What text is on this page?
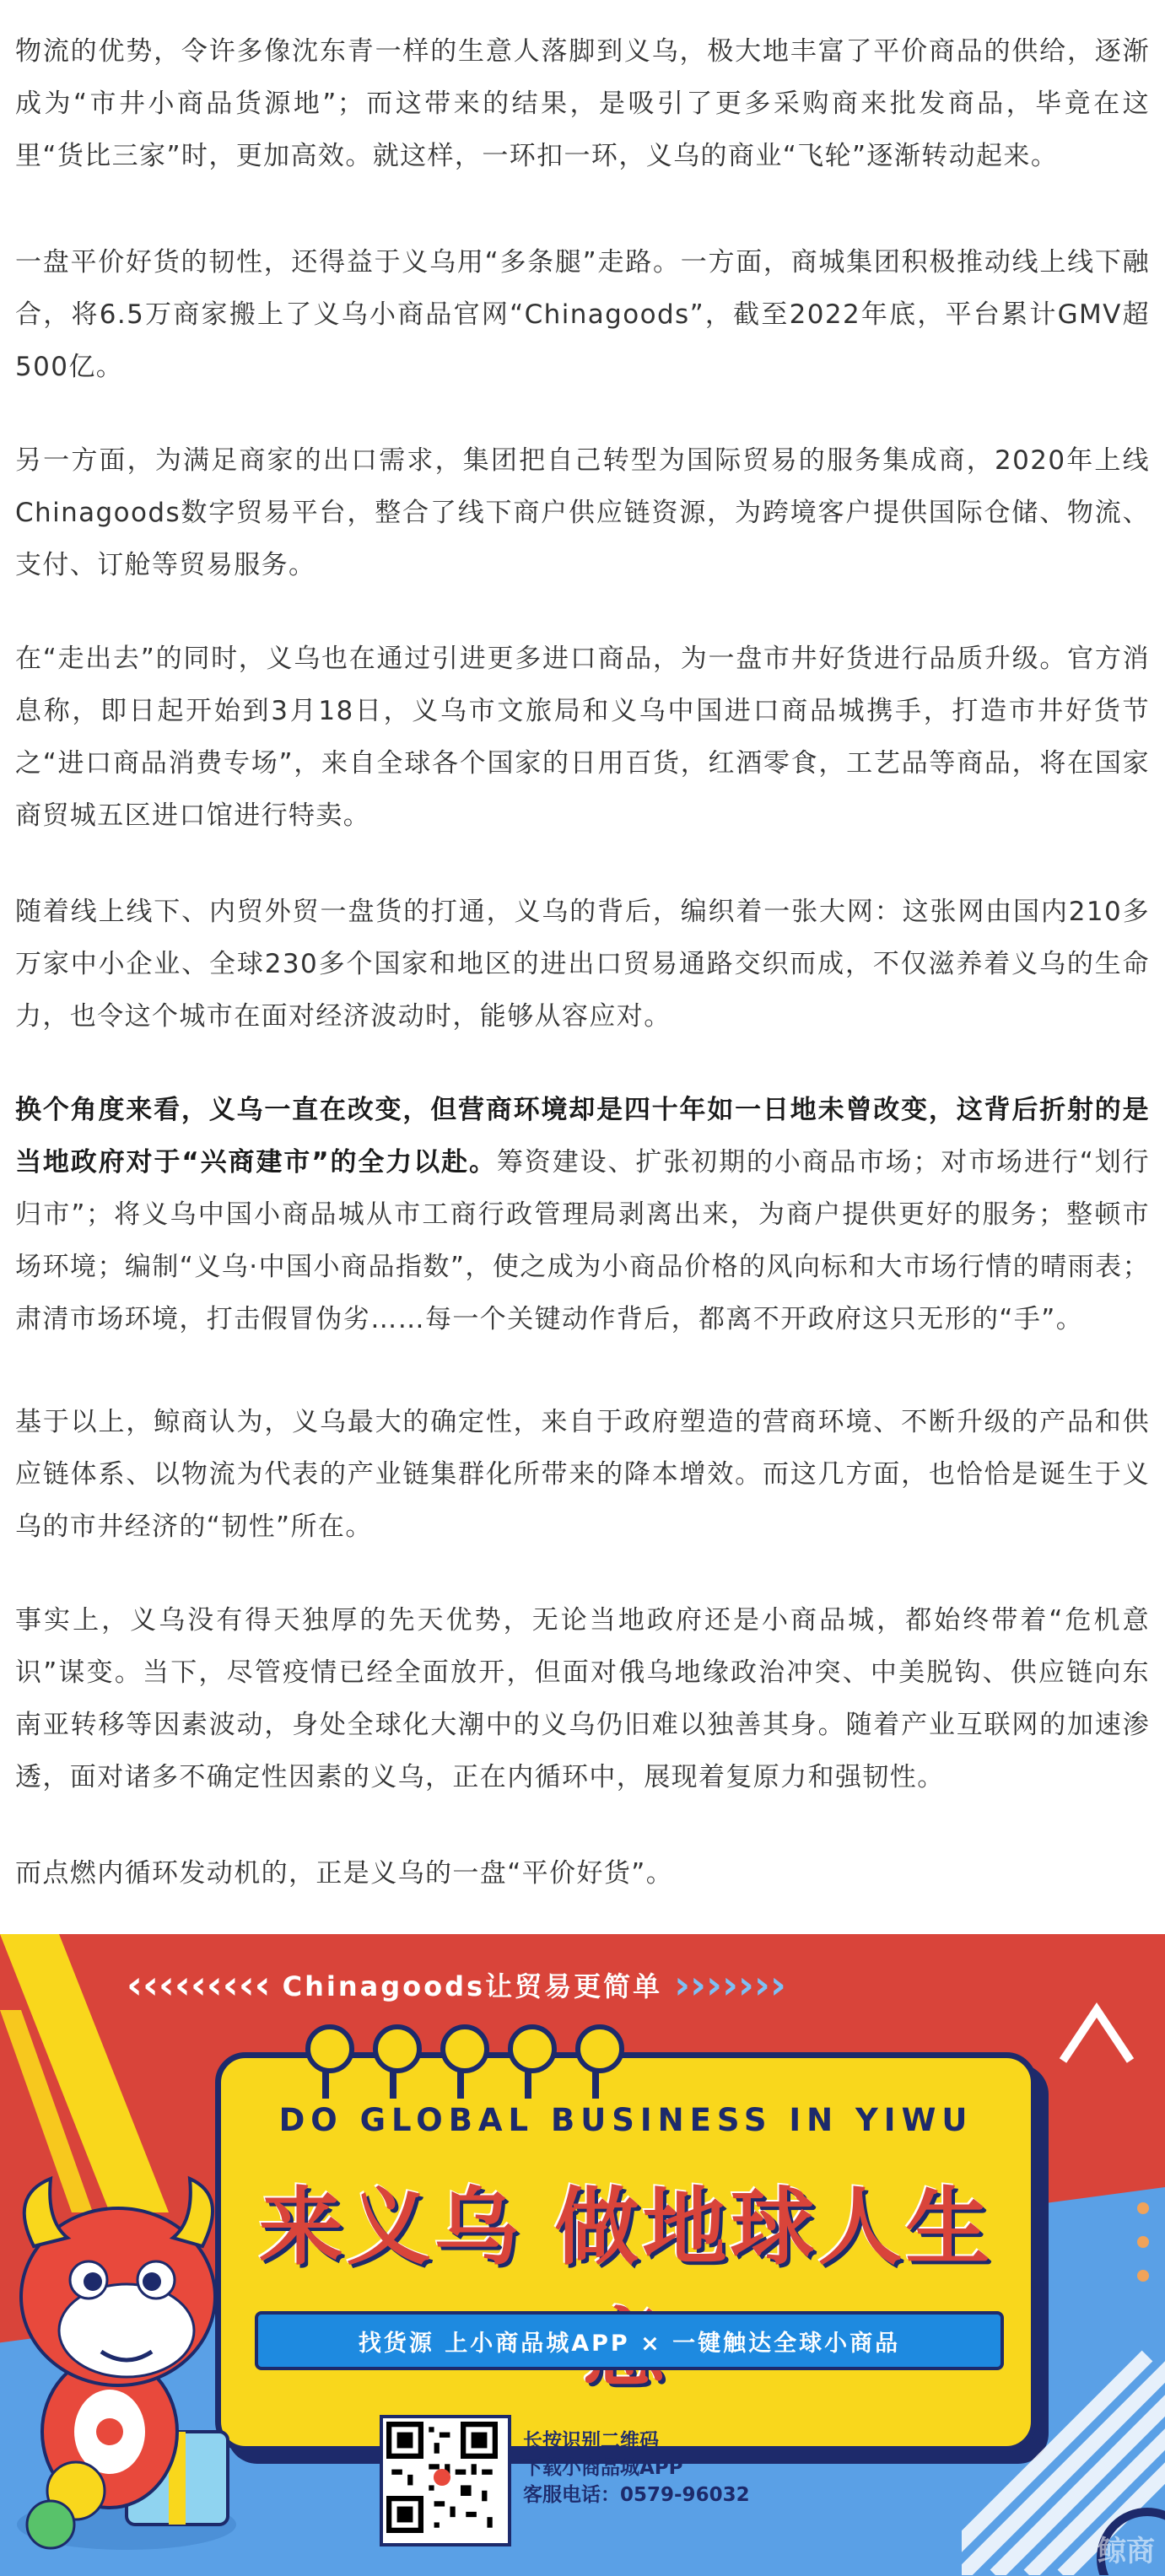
物流的优势，令许多像沈东青一样的生意人落脚到义乌，极大地丰富了平价商品的供给，逐渐成为“市井小商品货源地”；而这带来的结果，是吸引了更多采购商来批发商品，毕竟在这里“货比三家”时，更加高效。就这样，一环扣一环，义乌的商业“飞轮”逐渐转动起来。

一盘平价好货的韧性，还得益于义乌用“多条腿”走路。一方面，商城集团积极推动线上线下融合，将6.5万商家搬上了义乌小商品官网“Chinagoods”，截至2022年底，平台累计GMV超500亿。

另一方面，为满足商家的出口需求，集团把自己转型为国际贸易的服务集成商，2020年上线Chinagoods数字贸易平台，整合了线下商户供应链资源，为跨境客户提供国际仓储、物流、支付、订舱等贸易服务。

在“走出去”的同时，义乌也在通过引进更多进口商品，为一盘市井好货进行品质升级。官方消息称，即日起开始到3月18日，义乌市文旅局和义乌中国进口商品城携手，打造市井好货节之“进口商品消费专场”，来自全球各个国家的日用百货，红酒零食，工艺品等商品，将在国家商贸城五区进口馆进行特卖。

随着线上线下、内贸外贸一盘货的打通，义乌的背后，编织着一张大网：这张网由国内210多万家中小企业、全球230多个国家和地区的进出口贸易通路交织而成，不仅滋养着义乌的生命力，也令这个城市在面对经济波动时，能够从容应对。

换个角度来看，义乌一直在改变，但营商环境却是四十年如一日地未曾改变，这背后折射的是当地政府对于“兴商建市”的全力以赴。筹资建设、扩张初期的小商品市场；对市场进行“划行归市”；将义乌中国小商品城从市工商行政管理局剥离出来，为商户提供更好的服务；整顿市场环境；编制“义乌·中国小商品指数”，使之成为小商品价格的风向标和大市场行情的晴雨表；肃清市场环境，打击假冒伪劣……每一个关键动作背后，都离不开政府这只无形的“手”。

基于以上，鲸商认为，义乌最大的确定性，来自于政府塑造的营商环境、不断升级的产品和供应链体系、以物流为代表的产业链集群化所带来的降本增效。而这几方面，也恰恰是诞生于义乌的市井经济的“韧性”所在。

事实上，义乌没有得天独厚的先天优势，无论当地政府还是小商品城，都始终带着“危机意识”谋变。当下，尽管疫情已经全面放开，但面对俄乌地缘政治冲突、中美脱钩、供应链向东南亚转移等因素波动，身处全球化大潮中的义乌仍旧难以独善其身。随着产业互联网的加速渗透，面对诸多不确定性因素的义乌，正在内循环中，展现着复原力和强韧性。

而点燃内循环发动机的，正是义乌的一盘“平价好货”。

‹‹‹‹‹‹‹‹‹ Chinagoods让贸易更简单 ›››››››
DO GLOBAL BUSINESS IN YIWU
来义乌 做地球人生
找货源 上小商品城APP × 一键触达全球小商品
长按识别二维码
下载小商品城APP
客服电话：0579-96032
鲸商
